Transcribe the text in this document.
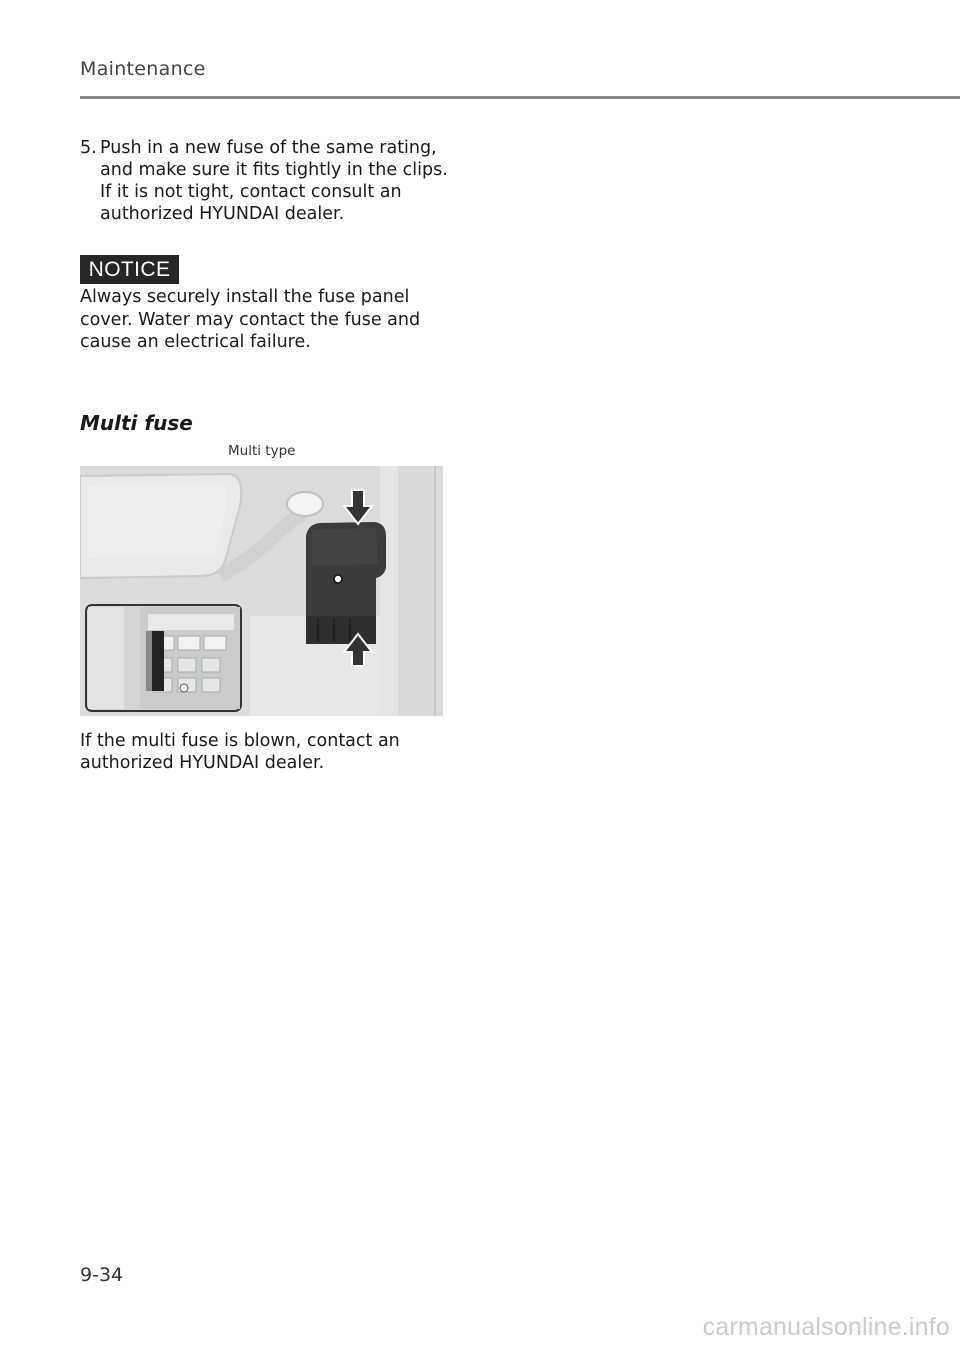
Maintenance
5. Push in a new fuse of the same rating, and make sure it fits tightly in the clips. If it is not tight, contact consult an authorized HYUNDAI dealer.
NOTICE
Always securely install the fuse panel cover. Water may contact the fuse and cause an electrical failure.
Multi fuse
Multi type
If the multi fuse is blown, contact an authorized HYUNDAI dealer.
9-34
carmanualsonline.info
